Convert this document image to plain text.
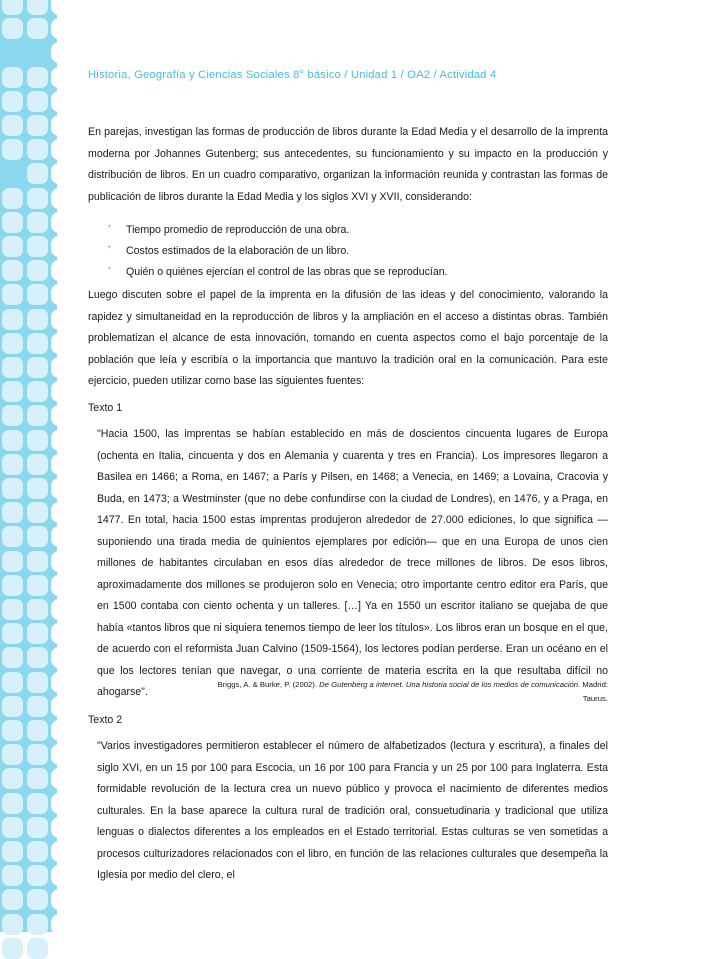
Historia, Geografía y Ciencias Sociales 8° básico / Unidad 1 / OA2 / Actividad 4
En parejas, investigan las formas de producción de libros durante la Edad Media y el desarrollo de la imprenta moderna por Johannes Gutenberg; sus antecedentes, su funcionamiento y su impacto en la producción y distribución de libros. En un cuadro comparativo, organizan la información reunida y contrastan las formas de publicación de libros durante la Edad Media y los siglos XVI y XVII, considerando:
’ Tiempo promedio de reproducción de una obra.
’ Costos estimados de la elaboración de un libro.
’ Quién o quiénes ejercían el control de las obras que se reproducían.
Luego discuten sobre el papel de la imprenta en la difusión de las ideas y del conocimiento, valorando la rapidez y simultaneidad en la reproducción de libros y la ampliación en el acceso a distintas obras. También problematizan el alcance de esta innovación, tomando en cuenta aspectos como el bajo porcentaje de la población que leía y escribía o la importancia que mantuvo la tradición oral en la comunicación. Para este ejercicio, pueden utilizar como base las siguientes fuentes:
Texto 1
"Hacia 1500, las imprentas se habían establecido en más de doscientos cincuenta lugares de Europa (ochenta en Italia, cincuenta y dos en Alemania y cuarenta y tres en Francia). Los impresores llegaron a Basilea en 1466; a Roma, en 1467; a París y Pilsen, en 1468; a Venecia, en 1469; a Lovaina, Cracovia y Buda, en 1473; a Westminster (que no debe confundirse con la ciudad de Londres), en 1476, y a Praga, en 1477. En total, hacia 1500 estas imprentas produjeron alrededor de 27.000 ediciones, lo que significa —suponiendo una tirada media de quinientos ejemplares por edición— que en una Europa de unos cien millones de habitantes circulaban en esos días alrededor de trece millones de libros. De esos libros, aproximadamente dos millones se produjeron solo en Venecia; otro importante centro editor era París, que en 1500 contaba con ciento ochenta y un talleres. […] Ya en 1550 un escritor italiano se quejaba de que había «tantos libros que ni siquiera tenemos tiempo de leer los títulos». Los libros eran un bosque en el que, de acuerdo con el reformista Juan Calvino (1509-1564), los lectores podían perderse. Eran un océano en el que los lectores tenían que navegar, o una corriente de materia escrita en la que resultaba difícil no ahogarse".
Briggs, A. & Burke, P. (2002). De Gutenberg a internet. Una historia social de los medios de comunicación. Madrid: Taurus.
Texto 2
"Varios investigadores permitieron establecer el número de alfabetizados (lectura y escritura), a finales del siglo XVI, en un 15 por 100 para Escocia, un 16 por 100 para Francia y un 25 por 100 para Inglaterra. Esta formidable revolución de la lectura crea un nuevo público y provoca el nacimiento de diferentes medios culturales. En la base aparece la cultura rural de tradición oral, consuetudinaria y tradicional que utiliza lenguas o dialectos diferentes a los empleados en el Estado territorial. Estas culturas se ven sometidas a procesos culturizadores relacionados con el libro, en función de las relaciones culturales que desempeña la Iglesia por medio del clero, el
